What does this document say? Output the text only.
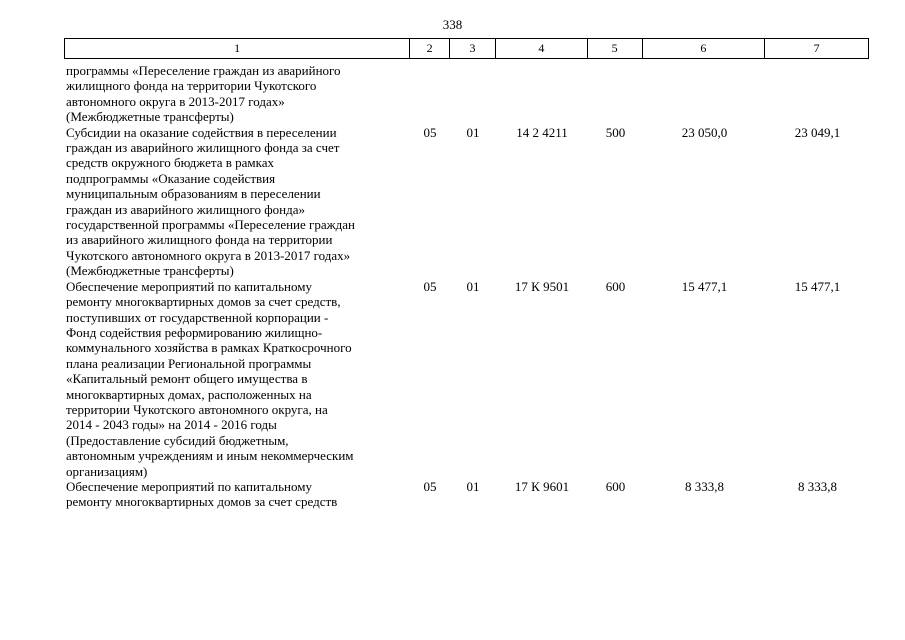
338
1	2	3	4	5	6	7
программы «Переселение граждан из аварийного
жилищного фонда на территории Чукотского
автономного округа в 2013-2017 годах»
(Межбюджетные трансферты)
Субсидии на оказание содействия в переселении
граждан из аварийного жилищного фонда за счет
средств окружного бюджета в рамках
подпрограммы «Оказание содействия
муниципальным образованиям в переселении
граждан из аварийного жилищного фонда»
государственной программы «Переселение граждан
из аварийного жилищного фонда на территории
Чукотского автономного округа в 2013-2017 годах»
(Межбюджетные трансферты)
05	01	14 2 4211	500	23 050,0	23 049,1
Обеспечение мероприятий по капитальному
ремонту многоквартирных домов за счет средств,
поступивших от государственной корпорации -
Фонд содействия реформированию жилищно-
коммунального хозяйства в рамках Краткосрочного
плана реализации Региональной программы
«Капитальный ремонт общего имущества в
многоквартирных домах, расположенных на
территории Чукотского автономного округа, на
2014 - 2043 годы» на 2014 - 2016 годы
(Предоставление субсидий бюджетным,
автономным учреждениям и иным некоммерческим
организациям)
05	01	17 К 9501	600	15 477,1	15 477,1
Обеспечение мероприятий по капитальному
ремонту многоквартирных домов за счет средств
05	01	17 К 9601	600	8 333,8	8 333,8
